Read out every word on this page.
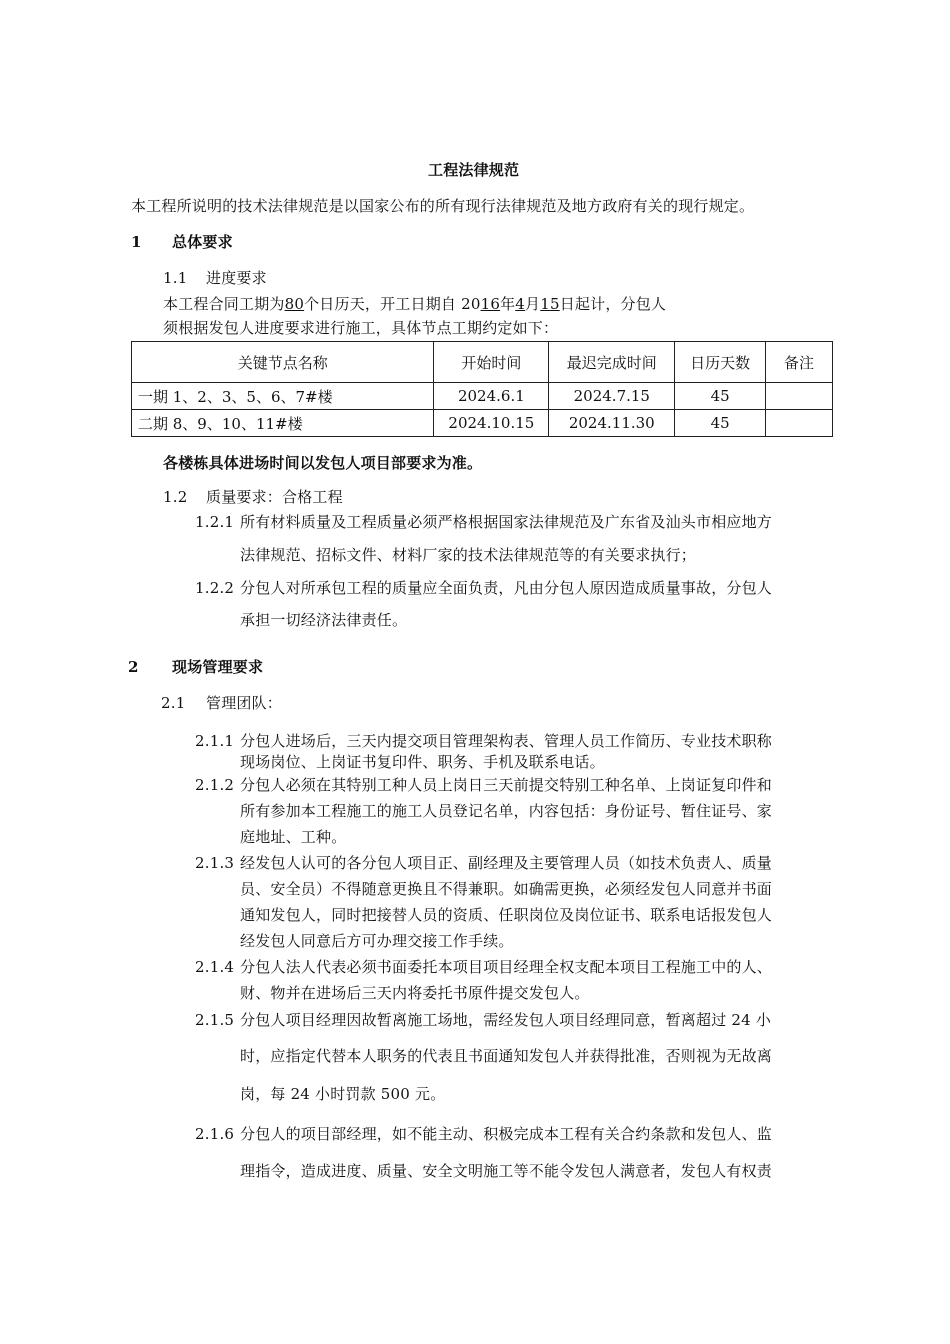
工程法律规范
本工程所说明的技术法律规范是以国家公布的所有现行法律规范及地方政府有关的现行规定。
1 总体要求
1.1 进度要求
本工程合同工期为80个日历天，开工日期自 2016年4月15日起计，分包人
须根据发包人进度要求进行施工，具体节点工期约定如下：
关键节点名称	开始时间	最迟完成时间	日历天数	备注
一期 1、2、3、5、6、7#楼	2024.6.1	2024.7.15	45	
二期 8、9、10、11#楼	2024.10.15	2024.11.30	45	
各楼栋具体进场时间以发包人项目部要求为准。
1.2 质量要求：合格工程
1.2.1 所有材料质量及工程质量必须严格根据国家法律规范及广东省及汕头市相应地方
法律规范、招标文件、材料厂家的技术法律规范等的有关要求执行；
1.2.2 分包人对所承包工程的质量应全面负责，凡由分包人原因造成质量事故，分包人
承担一切经济法律责任。
2 现场管理要求
2.1 管理团队：
2.1.1 分包人进场后，三天内提交项目管理架构表、管理人员工作简历、专业技术职称
现场岗位、上岗证书复印件、职务、手机及联系电话。
2.1.2 分包人必须在其特别工种人员上岗日三天前提交特别工种名单、上岗证复印件和
所有参加本工程施工的施工人员登记名单，内容包括：身份证号、暂住证号、家
庭地址、工种。
2.1.3 经发包人认可的各分包人项目正、副经理及主要管理人员（如技术负责人、质量
员、安全员）不得随意更换且不得兼职。如确需更换，必须经发包人同意并书面
通知发包人，同时把接替人员的资质、任职岗位及岗位证书、联系电话报发包人
经发包人同意后方可办理交接工作手续。
2.1.4 分包人法人代表必须书面委托本项目项目经理全权支配本项目工程施工中的人、
财、物并在进场后三天内将委托书原件提交发包人。
2.1.5 分包人项目经理因故暂离施工场地，需经发包人项目经理同意，暂离超过 24 小
时，应指定代替本人职务的代表且书面通知发包人并获得批准，否则视为无故离
岗，每 24 小时罚款 500 元。
2.1.6 分包人的项目部经理，如不能主动、积极完成本工程有关合约条款和发包人、监
理指令，造成进度、质量、安全文明施工等不能令发包人满意者，发包人有权责
